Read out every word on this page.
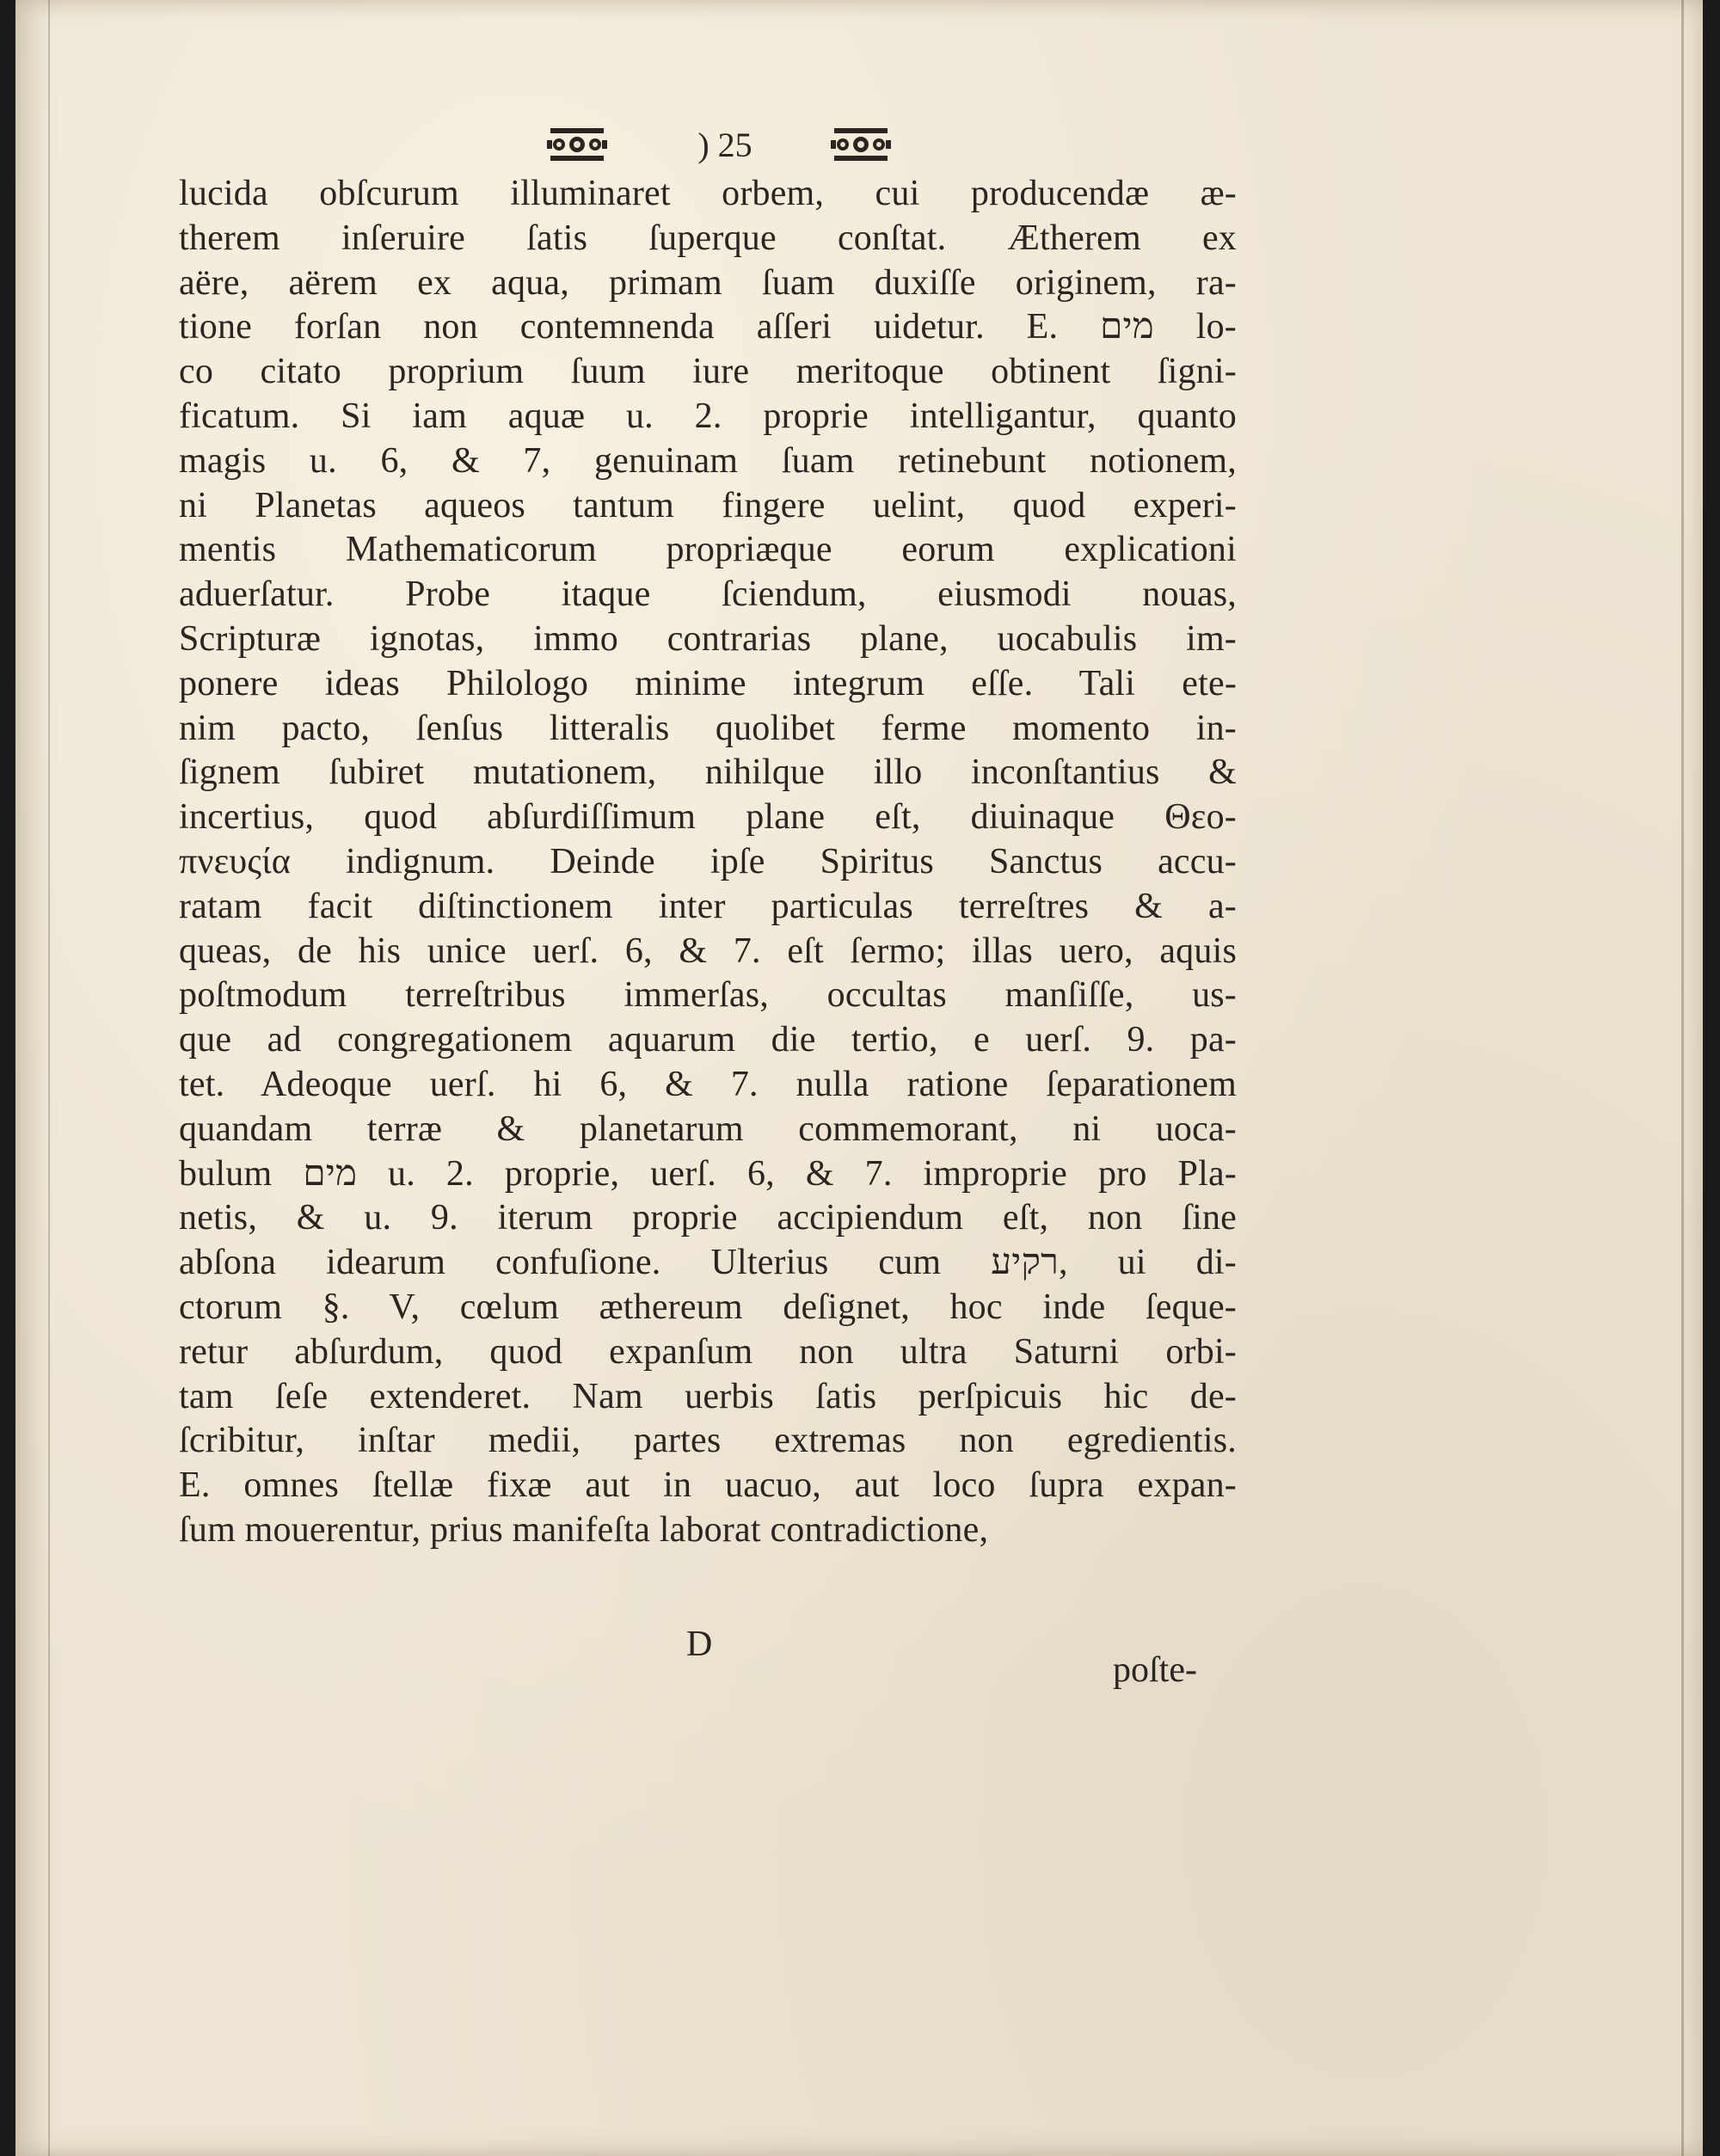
) 25
lucida obſcurum illuminaret orbem, cui producendæ æ-
therem inſeruire ſatis ſuperque conſtat. Ætherem ex
aëre, aërem ex aqua, primam ſuam duxiſſe originem, ra-
tione forſan non contemnenda aſſeri uidetur. E. מים lo-
co citato proprium ſuum iure meritoque obtinent ſigni-
ficatum. Si iam aquæ u. 2. proprie intelligantur, quanto
magis u. 6, & 7, genuinam ſuam retinebunt notionem,
ni Planetas aqueos tantum fingere uelint, quod experi-
mentis Mathematicorum propriæque eorum explicationi
aduerſatur. Probe itaque ſciendum, eiusmodi nouas,
Scripturæ ignotas, immo contrarias plane, uocabulis im-
ponere ideas Philologo minime integrum eſſe. Tali ete-
nim pacto, ſenſus litteralis quolibet ferme momento in-
ſignem ſubiret mutationem, nihilque illo inconſtantius &
incertius, quod abſurdiſſimum plane eſt, diuinaque Θεο-
πνευςία indignum. Deinde ipſe Spiritus Sanctus accu-
ratam facit diſtinctionem inter particulas terreſtres & a-
queas, de his unice uerſ. 6, & 7. eſt ſermo; illas uero, aquis
poſtmodum terreſtribus immerſas, occultas manſiſſe, us-
que ad congregationem aquarum die tertio, e uerſ. 9. pa-
tet. Adeoque uerſ. hi 6, & 7. nulla ratione ſeparationem
quandam terræ & planetarum commemorant, ni uoca-
bulum מים u. 2. proprie, uerſ. 6, & 7. improprie pro Pla-
netis, & u. 9. iterum proprie accipiendum eſt, non ſine
abſona idearum confuſione. Ulterius cum רקיע, ui di-
ctorum §. V, cœlum æthereum deſignet, hoc inde ſeque-
retur abſurdum, quod expanſum non ultra Saturni orbi-
tam ſeſe extenderet. Nam uerbis ſatis perſpicuis hic de-
ſcribitur, inſtar medii, partes extremas non egredientis.
E. omnes ſtellæ fixæ aut in uacuo, aut loco ſupra expan-
ſum mouerentur, prius manifeſta laborat contradictione,
D
poſte-
